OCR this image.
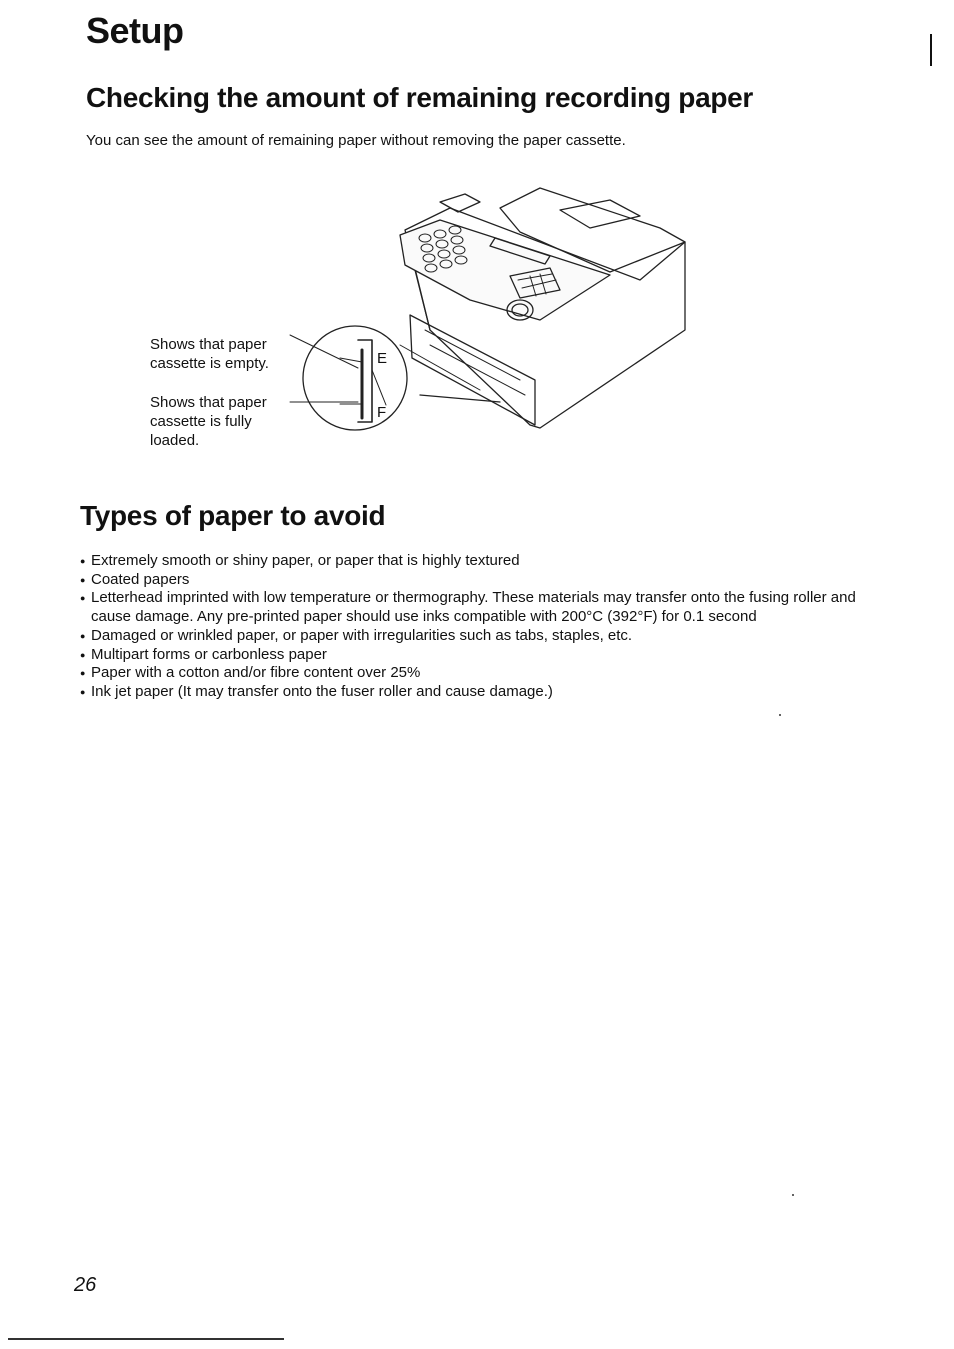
Setup
Checking the amount of remaining recording paper

You can see the amount of remaining paper without removing the paper cassette.

E
F

Shows that paper cassette is empty.

Shows that paper cassette is fully loaded.

Types of paper to avoid
● Extremely smooth or shiny paper, or paper that is highly textured
● Coated papers
● Letterhead imprinted with low temperature or thermography. These materials may transfer onto the fusing roller and cause damage. Any pre-printed paper should use inks compatible with 200°C (392°F) for 0.1 second
● Damaged or wrinkled paper, or paper with irregularities such as tabs, staples, etc.
● Multipart forms or carbonless paper
● Paper with a cotton and/or fibre content over 25%
● Ink jet paper (It may transfer onto the fuser roller and cause damage.)

26
